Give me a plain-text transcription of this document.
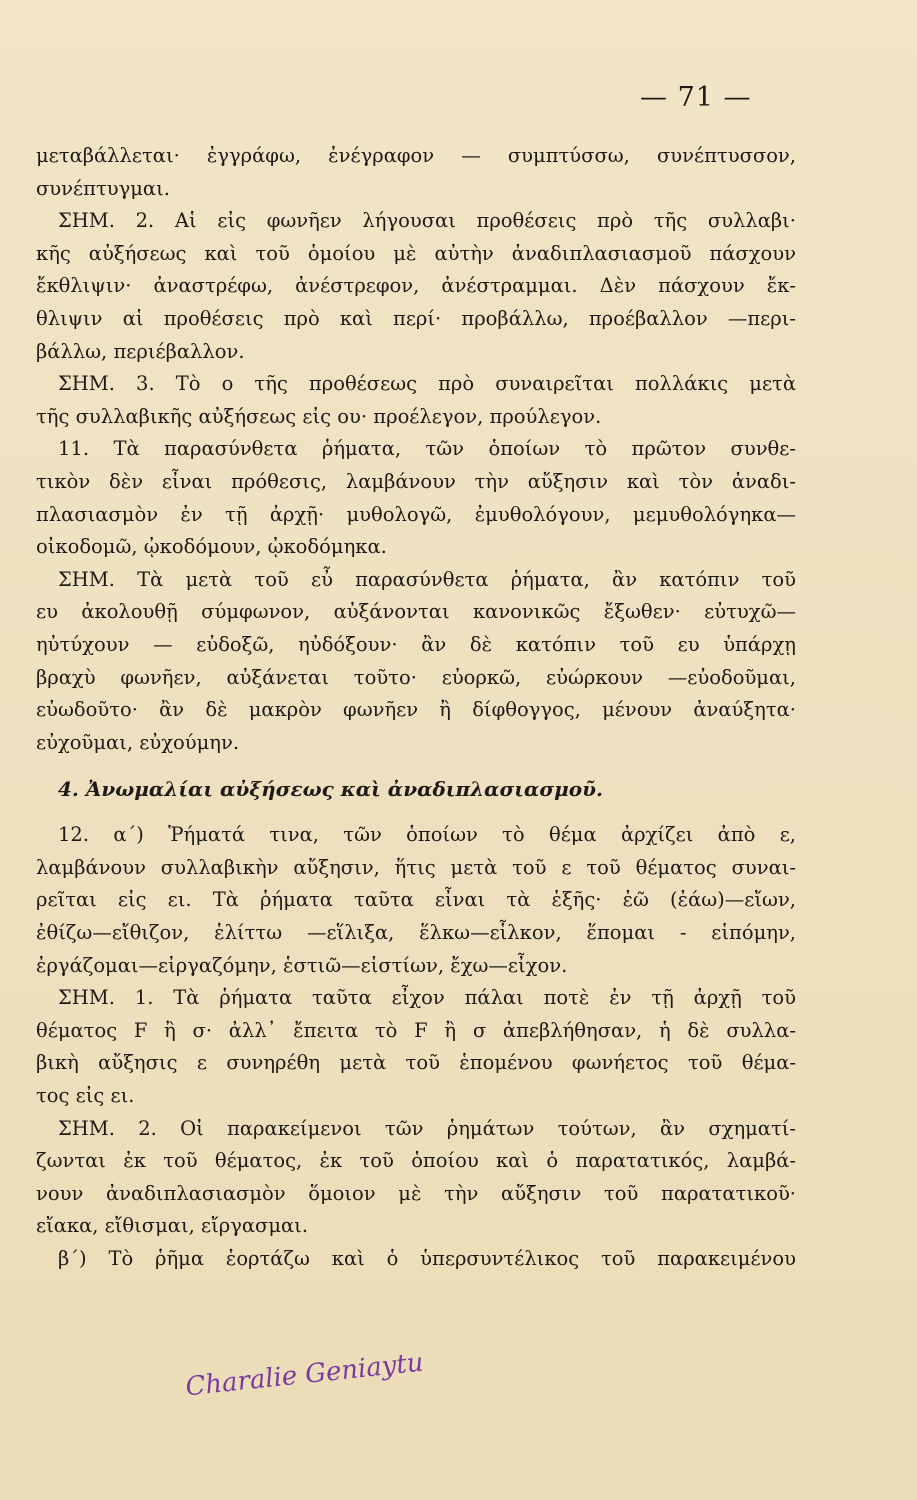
— 71 —
μεταβάλλεται· ἐγγράφω, ἐνέγραφον — συμπτύσσω, συνέπτυσσον,
συνέπτυγμαι.
ΣΗΜ. 2. Αἱ εἰς φωνῆεν λήγουσαι προθέσεις πρὸ τῆς συλλαβι·
κῆς αὐξήσεως καὶ τοῦ ὁμοίου μὲ αὐτὴν ἀναδιπλασιασμοῦ πάσχουν
ἔκθλιψιν· ἀναστρέφω, ἀνέστρεφον, ἀνέστραμμαι. Δὲν πάσχουν ἔκ-
θλιψιν αἱ προθέσεις πρὸ καὶ περί· προβάλλω, προέβαλλον —περι-
βάλλω, περιέβαλλον.
ΣΗΜ. 3. Τὸ ο τῆς προθέσεως πρὸ συναιρεῖται πολλάκις μετὰ
τῆς συλλαβικῆς αὐξήσεως εἰς ου· προέλεγον, προύλεγον.
11. Τὰ παρασύνθετα ῥήματα, τῶν ὁποίων τὸ πρῶτον συνθε-
τικὸν δὲν εἶναι πρόθεσις, λαμβάνουν τὴν αὔξησιν καὶ τὸν ἀναδι-
πλασιασμὸν ἐν τῇ ἀρχῇ· μυθολογῶ, ἐμυθολόγουν, μεμυθολόγηκα—
οἰκοδομῶ, ᾠκοδόμουν, ᾠκοδόμηκα.
ΣΗΜ. Τὰ μετὰ τοῦ εὖ παρασύνθετα ῥήματα, ἂν κατόπιν τοῦ
ευ ἀκολουθῇ σύμφωνον, αὐξάνονται κανονικῶς ἔξωθεν· εὐτυχῶ—
ηὐτύχουν — εὐδοξῶ, ηὐδόξουν· ἂν δὲ κατόπιν τοῦ ευ ὑπάρχῃ
βραχὺ φωνῆεν, αὐξάνεται τοῦτο· εὐορκῶ, εὐώρκουν —εὐοδοῦμαι,
εὐωδοῦτο· ἂν δὲ μακρὸν φωνῆεν ἢ δίφθογγος, μένουν ἀναύξητα·
εὐχοῦμαι, εὐχούμην.
4. Ἀνωμαλίαι αὐξήσεως καὶ ἀναδιπλασιασμοῦ.
12. α΄) Ῥήματά τινα, τῶν ὁποίων τὸ θέμα ἀρχίζει ἀπὸ ε,
λαμβάνουν συλλαβικὴν αὔξησιν, ἥτις μετὰ τοῦ ε τοῦ θέματος συναι-
ρεῖται εἰς ει. Τὰ ῥήματα ταῦτα εἶναι τὰ ἑξῆς· ἐῶ (ἐάω)—εἴων,
ἐθίζω—εἴθιζον, ἑλίττω —εἵλιξα, ἕλκω—εἷλκον, ἕπομαι - εἱπόμην,
ἐργάζομαι—εἰργαζόμην, ἑστιῶ—εἱστίων, ἔχω—εἶχον.
ΣΗΜ. 1. Τὰ ῥήματα ταῦτα εἶχον πάλαι ποτὲ ἐν τῇ ἀρχῇ τοῦ
θέματος F ἢ σ· ἀλλ᾽ ἔπειτα τὸ F ἢ σ ἀπεβλήθησαν, ἡ δὲ συλλα-
βικὴ αὔξησις ε συνηρέθη μετὰ τοῦ ἑπομένου φωνήετος τοῦ θέμα-
τος εἰς ει.
ΣΗΜ. 2. Οἱ παρακείμενοι τῶν ῥημάτων τούτων, ἂν σχηματί-
ζωνται ἐκ τοῦ θέματος, ἐκ τοῦ ὁποίου καὶ ὁ παρατατικός, λαμβά-
νουν ἀναδιπλασιασμὸν ὅμοιον μὲ τὴν αὔξησιν τοῦ παρατατικοῦ·
εἴακα, εἴθισμαι, εἴργασμαι.
β΄) Τὸ ῥῆμα ἑορτάζω καὶ ὁ ὑπερσυντέλικος τοῦ παρακειμένου
Charalie Geniaytu
